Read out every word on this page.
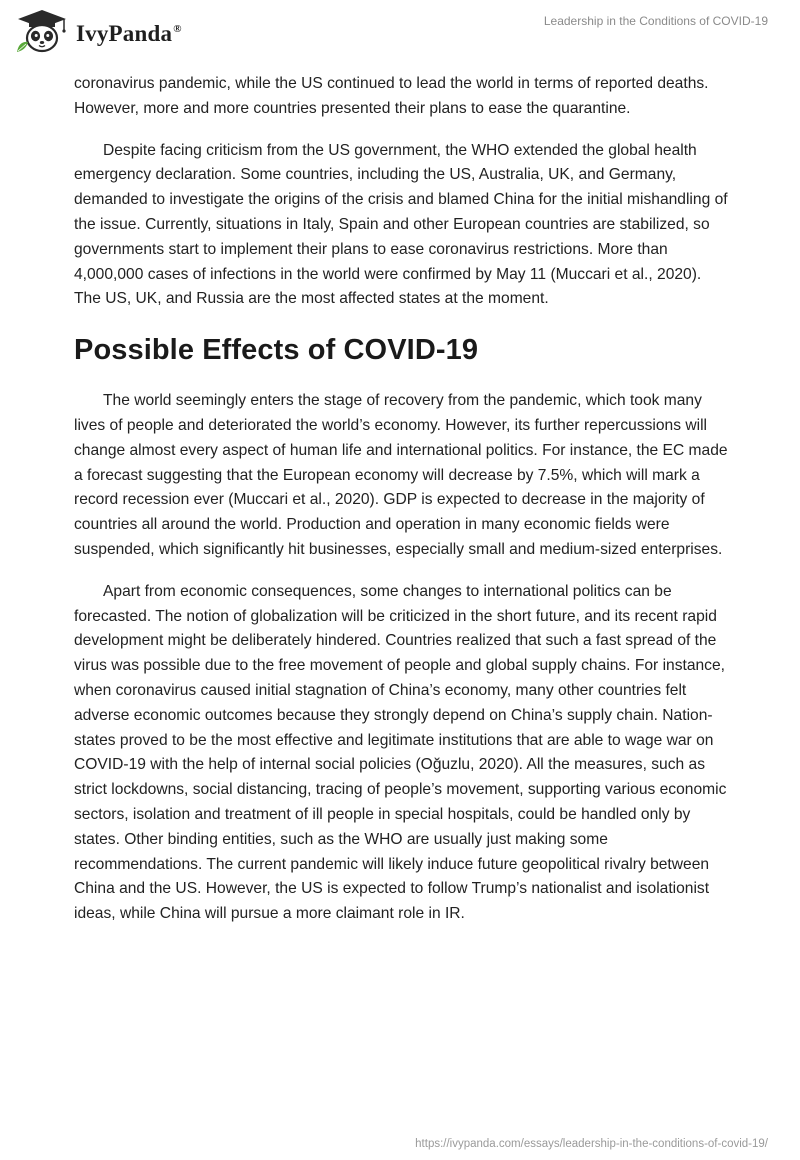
IvyPanda®
Leadership in the Conditions of COVID-19

coronavirus pandemic, while the US continued to lead the world in terms of reported deaths. However, more and more countries presented their plans to ease the quarantine.

Despite facing criticism from the US government, the WHO extended the global health emergency declaration. Some countries, including the US, Australia, UK, and Germany, demanded to investigate the origins of the crisis and blamed China for the initial mishandling of the issue. Currently, situations in Italy, Spain and other European countries are stabilized, so governments start to implement their plans to ease coronavirus restrictions. More than 4,000,000 cases of infections in the world were confirmed by May 11 (Muccari et al., 2020). The US, UK, and Russia are the most affected states at the moment.

Possible Effects of COVID-19

The world seemingly enters the stage of recovery from the pandemic, which took many lives of people and deteriorated the world’s economy. However, its further repercussions will change almost every aspect of human life and international politics. For instance, the EC made a forecast suggesting that the European economy will decrease by 7.5%, which will mark a record recession ever (Muccari et al., 2020). GDP is expected to decrease in the majority of countries all around the world. Production and operation in many economic fields were suspended, which significantly hit businesses, especially small and medium-sized enterprises.

Apart from economic consequences, some changes to international politics can be forecasted. The notion of globalization will be criticized in the short future, and its recent rapid development might be deliberately hindered. Countries realized that such a fast spread of the virus was possible due to the free movement of people and global supply chains. For instance, when coronavirus caused initial stagnation of China’s economy, many other countries felt adverse economic outcomes because they strongly depend on China’s supply chain. Nation-states proved to be the most effective and legitimate institutions that are able to wage war on COVID-19 with the help of internal social policies (Oğuzlu, 2020). All the measures, such as strict lockdowns, social distancing, tracing of people’s movement, supporting various economic sectors, isolation and treatment of ill people in special hospitals, could be handled only by states. Other binding entities, such as the WHO are usually just making some recommendations. The current pandemic will likely induce future geopolitical rivalry between China and the US. However, the US is expected to follow Trump’s nationalist and isolationist ideas, while China will pursue a more claimant role in IR.

https://ivypanda.com/essays/leadership-in-the-conditions-of-covid-19/
